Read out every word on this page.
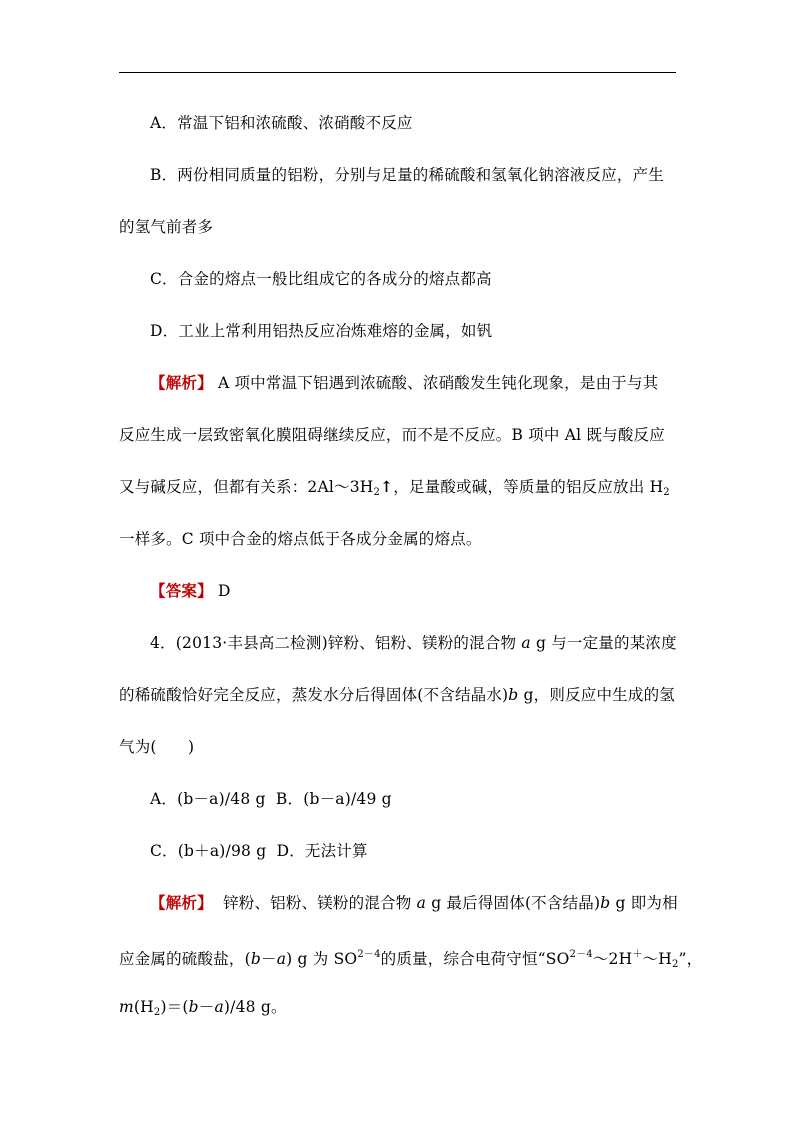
A．常温下铝和浓硫酸、浓硝酸不反应
B．两份相同质量的铝粉，分别与足量的稀硫酸和氢氧化钠溶液反应，产生
的氢气前者多
C．合金的熔点一般比组成它的各成分的熔点都高
D．工业上常利用铝热反应冶炼难熔的金属，如钒
【解析】 A 项中常温下铝遇到浓硫酸、浓硝酸发生钝化现象，是由于与其
反应生成一层致密氧化膜阻碍继续反应，而不是不反应。B 项中 Al 既与酸反应
又与碱反应，但都有关系：$2Al\sim 3H_2↑$，足量酸或碱，等质量的铝反应放出 $H_2$
一样多。C 项中合金的熔点低于各成分金属的熔点。
【答案】 D
4．(2013·丰县高二检测)锌粉、铝粉、镁粉的混合物 a g 与一定量的某浓度
的稀硫酸恰好完全反应，蒸发水分后得固体(不含结晶水)b g，则反应中生成的氢
气为(　　)
A．(b－a)/48 g B．(b－a)/49 g
C．(b＋a)/98 g D．无法计算
【解析】 锌粉、铝粉、镁粉的混合物 a g 最后得固体(不含结晶)b g 即为相
应金属的硫酸盐，(b－a) g 为 $SO^{2-4}$的质量，综合电荷守恒“$SO^{2-4}\sim 2H^+\sim H_2$”，
$m(H_2)=(b-a)/48$ g。
